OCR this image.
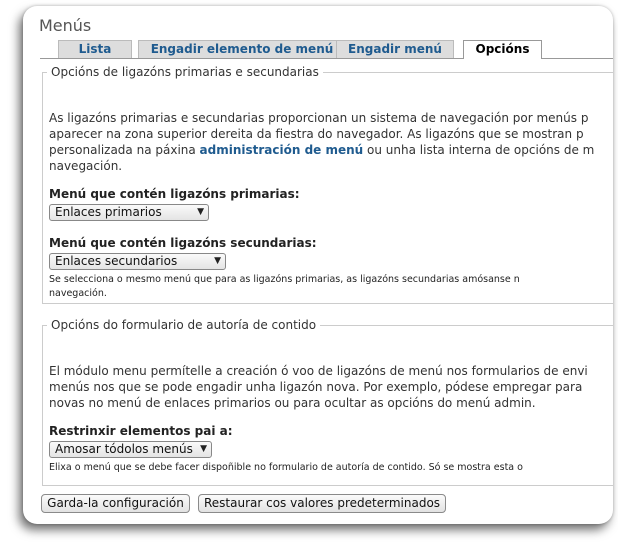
Menús
Lista	Engadir elemento de menú	Engadir menú	Opcións
Opcións de ligazóns primarias e secundarias

As ligazóns primarias e secundarias proporcionan un sistema de navegación por menús p

aparecer na zona superior dereita da fiestra do navegador. As ligazóns que se mostran p

personalizada na páxina administración de menú ou unha lista interna de opcións de m

navegación.

Menú que contén ligazóns primarias:
Enlaces primarios	▼
Menú que contén ligazóns secundarias:
Enlaces secundarios	▼

Se selecciona o mesmo menú que para as ligazóns primarias, as ligazóns secundarias amósanse n

navegación.

Opcións do formulario de autoría de contido

El módulo menu permítelle a creación ó voo de ligazóns de menú nos formularios de envi

menús nos que se pode engadir unha ligazón nova. Por exemplo, pódese empregar para

novas no menú de enlaces primarios ou para ocultar as opcións do menú admin.

Restrinxir elementos pai a:
Amosar tódolos menús ▼

Elixa o menú que se debe facer dispoñible no formulario de autoría de contido. Só se mostra esta o

Garda-la configuración	Restaurar cos valores predeterminados
